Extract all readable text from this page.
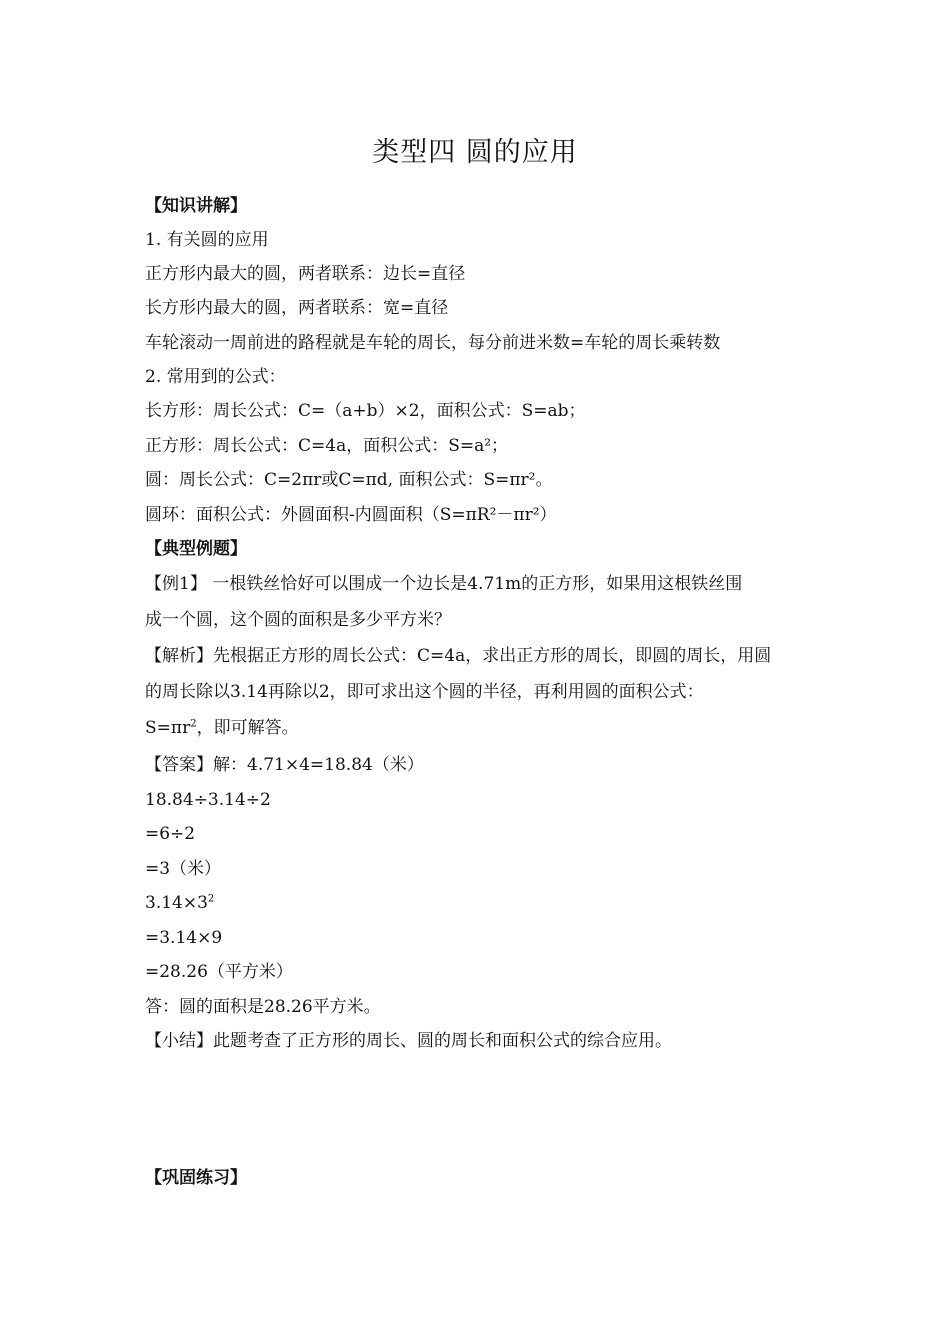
类型四 圆的应用
【知识讲解】
1. 有关圆的应用
正方形内最大的圆，两者联系：边长=直径
长方形内最大的圆，两者联系：宽=直径
车轮滚动一周前进的路程就是车轮的周长，每分前进米数=车轮的周长乘转数
2. 常用到的公式：
长方形：周长公式：C=（a+b）×2，面积公式：S=ab；
正方形：周长公式：C=4a，面积公式：S=a²；
圆：周长公式：C=2πr或C=πd, 面积公式：S=πr²。
圆环：面积公式：外圆面积-内圆面积（S=πR²－πr²）
【典型例题】
【例1】 一根铁丝恰好可以围成一个边长是4.71m的正方形，如果用这根铁丝围
成一个圆，这个圆的面积是多少平方米？
【解析】先根据正方形的周长公式：C=4a，求出正方形的周长，即圆的周长，用圆
的周长除以3.14再除以2，即可求出这个圆的半径，再利用圆的面积公式：
$S=\pi r^2$，即可解答。
【答案】解：4.71×4=18.84（米）
18.84÷3.14÷2
=6÷2
=3（米）
$3.14\times 3^2$
=3.14×9
=28.26（平方米）
答：圆的面积是28.26平方米。
【小结】此题考查了正方形的周长、圆的周长和面积公式的综合应用。
【巩固练习】
